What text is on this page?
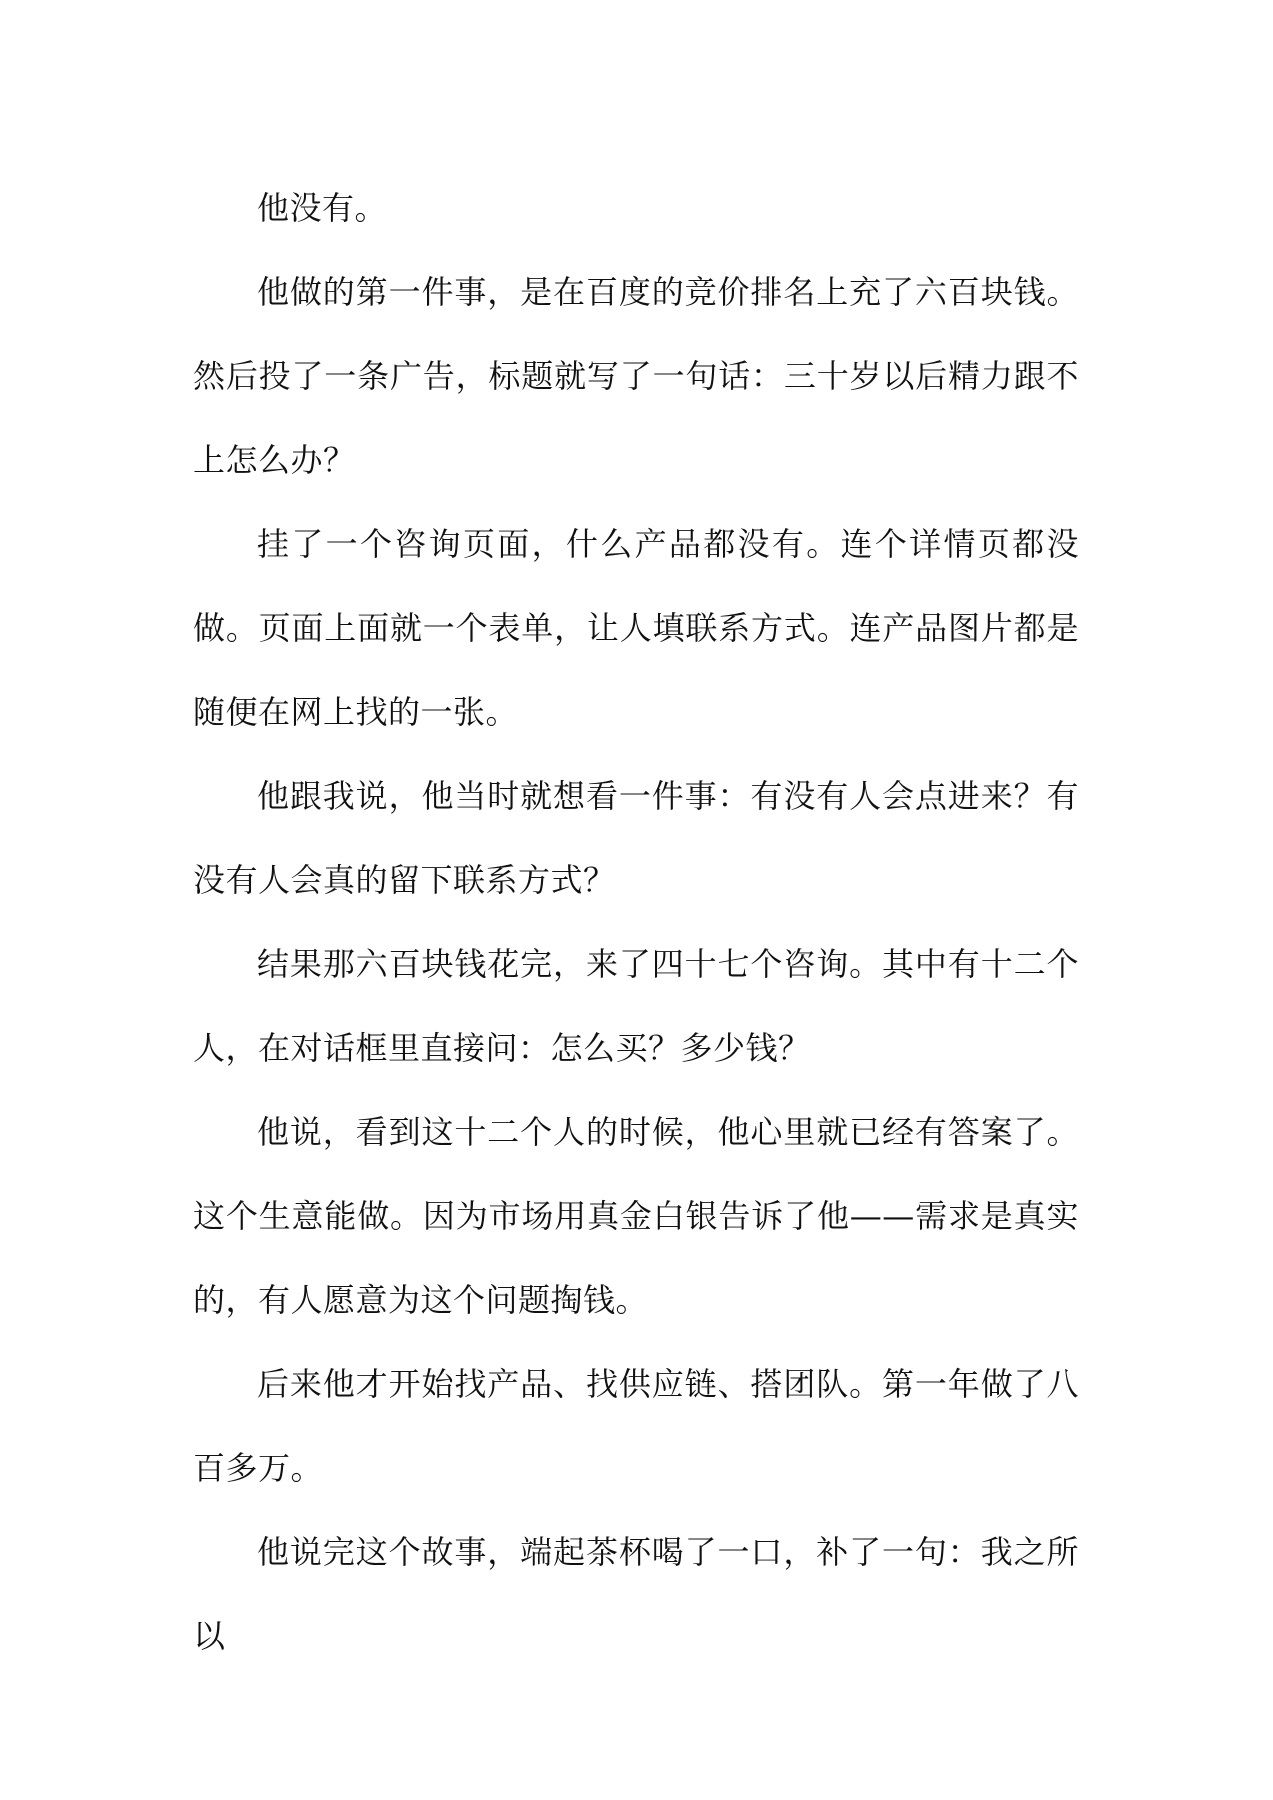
他没有。

他做的第一件事，是在百度的竞价排名上充了六百块钱。然后投了一条广告，标题就写了一句话：三十岁以后精力跟不上怎么办？

挂了一个咨询页面，什么产品都没有。连个详情页都没做。页面上面就一个表单，让人填联系方式。连产品图片都是随便在网上找的一张。

他跟我说，他当时就想看一件事：有没有人会点进来？有没有人会真的留下联系方式？

结果那六百块钱花完，来了四十七个咨询。其中有十二个人，在对话框里直接问：怎么买？多少钱？

他说，看到这十二个人的时候，他心里就已经有答案了。这个生意能做。因为市场用真金白银告诉了他——需求是真实的，有人愿意为这个问题掏钱。

后来他才开始找产品、找供应链、搭团队。第一年做了八百多万。

他说完这个故事，端起茶杯喝了一口，补了一句：我之所以
